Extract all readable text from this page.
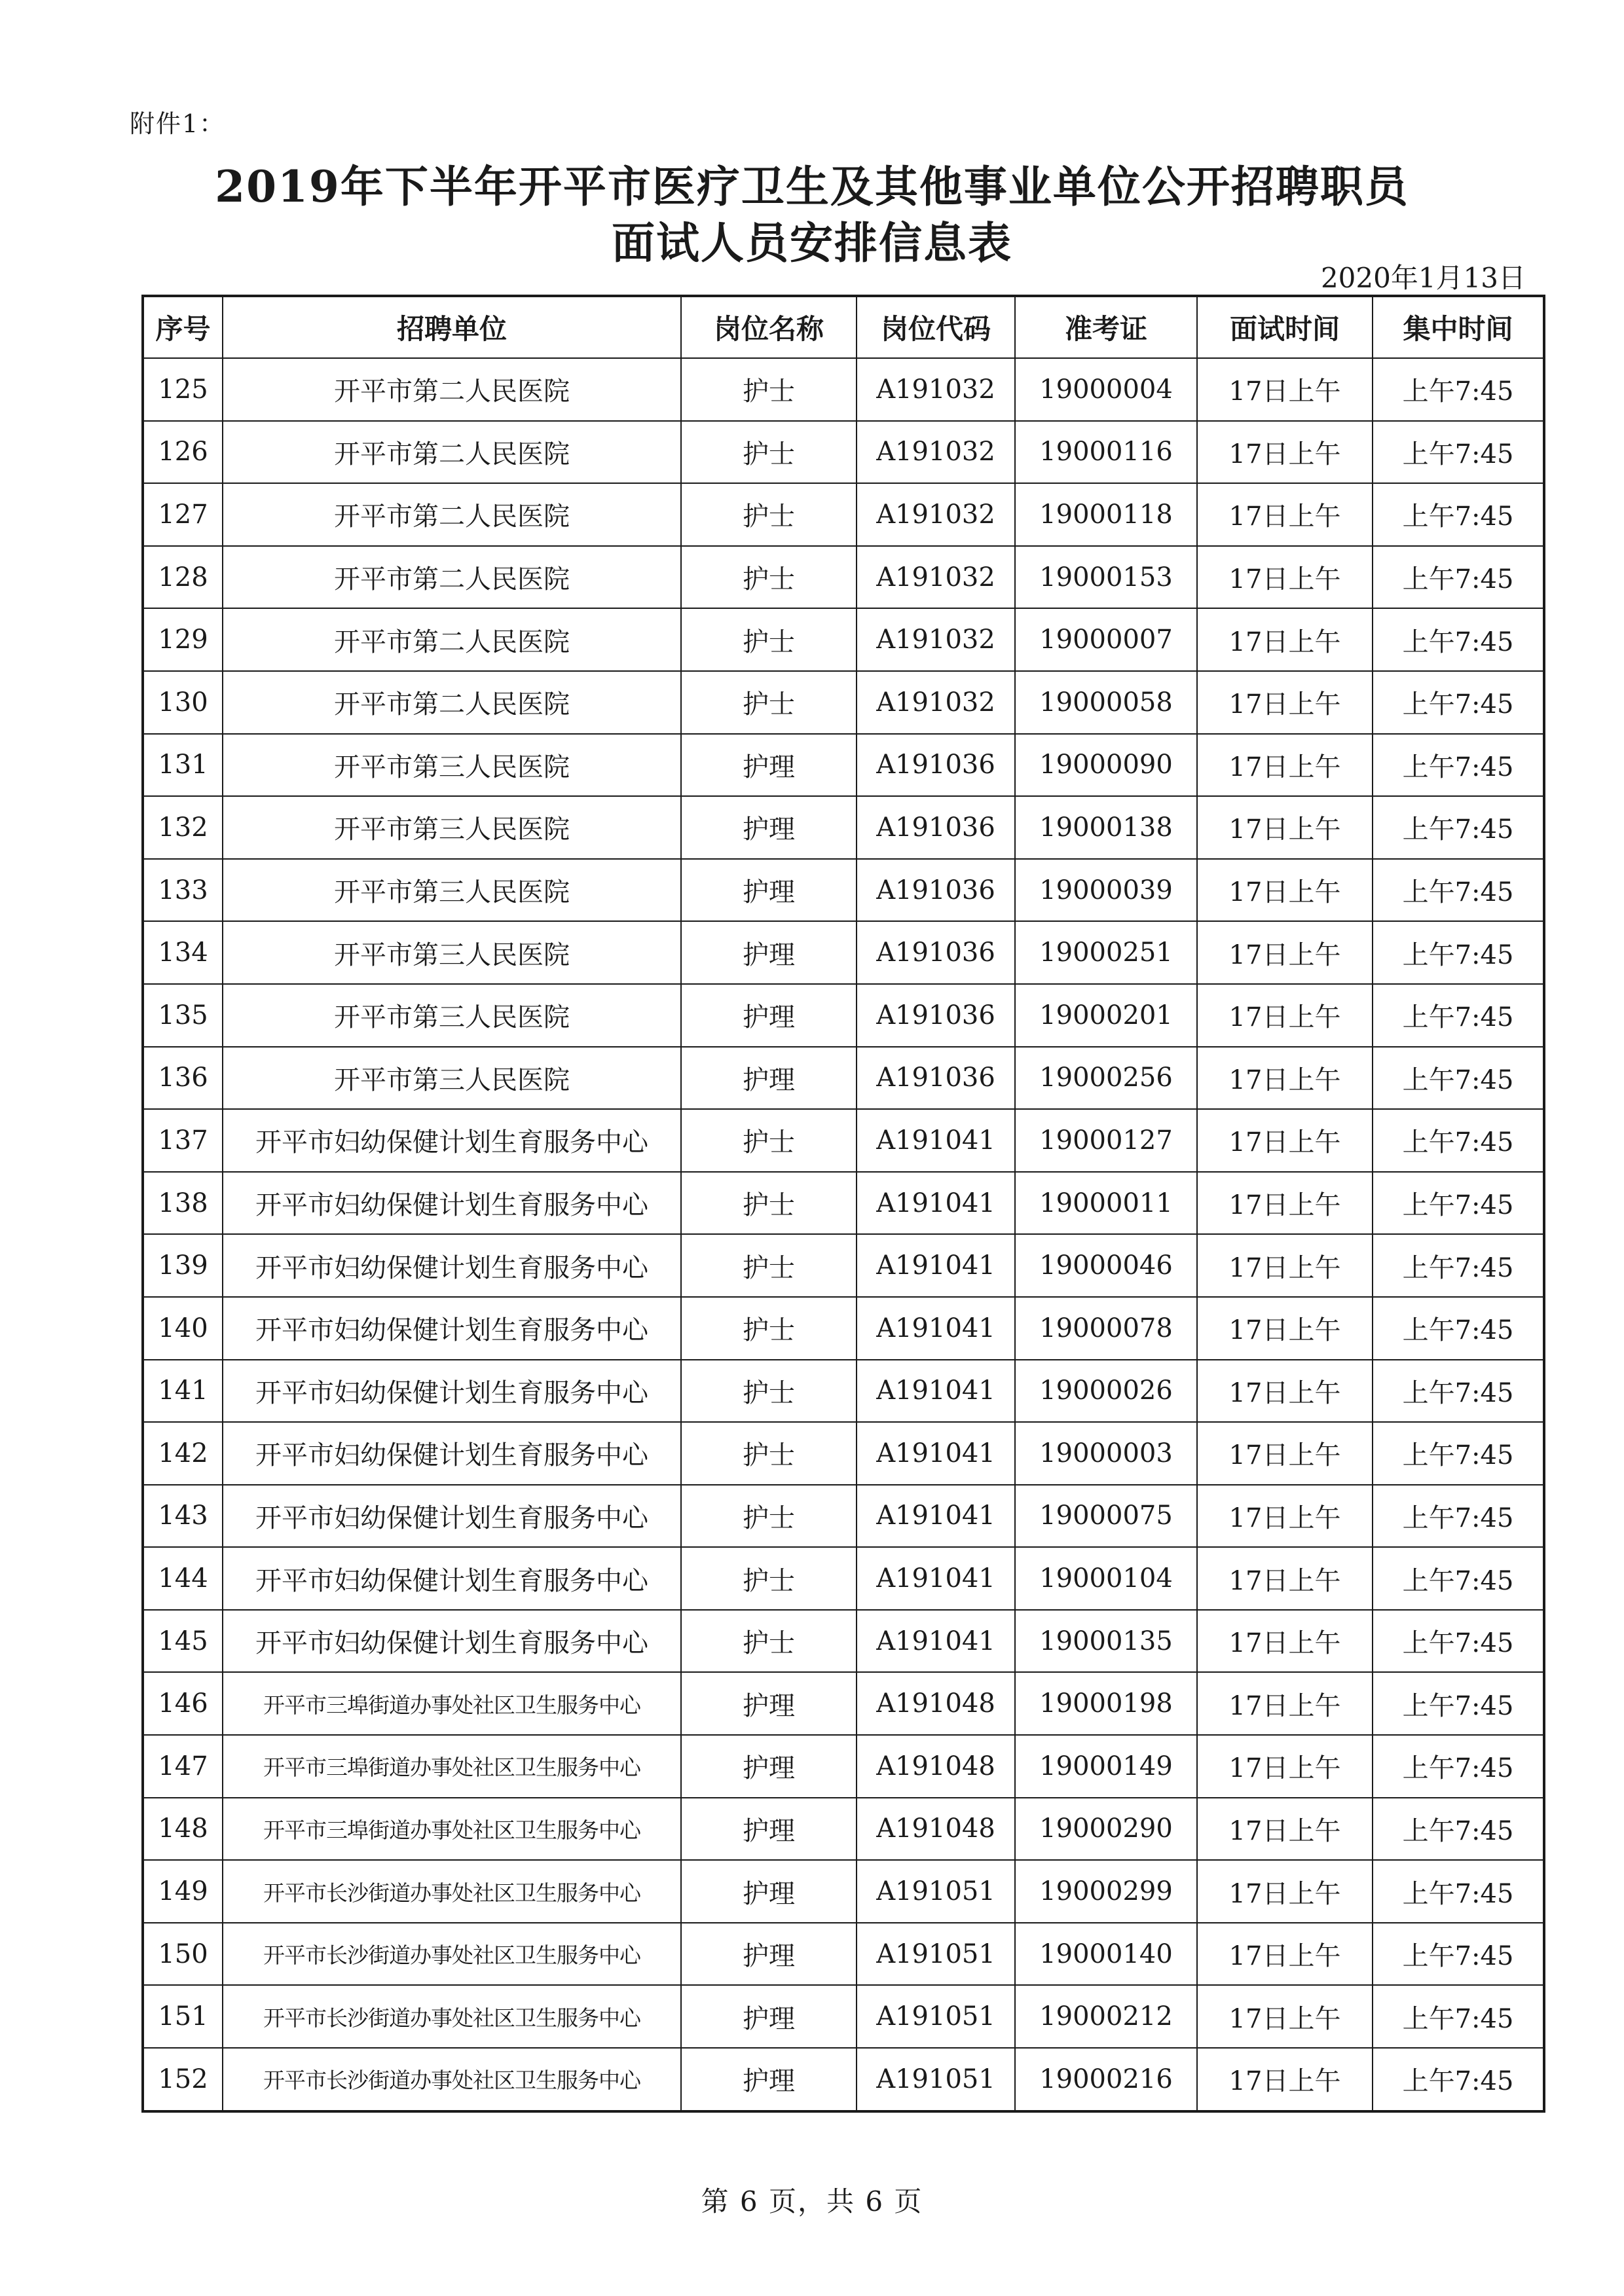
附件1：
2019年下半年开平市医疗卫生及其他事业单位公开招聘职员
面试人员安排信息表
2020年1月13日
序号	招聘单位	岗位名称	岗位代码	准考证	面试时间	集中时间
125	开平市第二人民医院	护士	A191032	19000004	17日上午	上午7:45
126	开平市第二人民医院	护士	A191032	19000116	17日上午	上午7:45
127	开平市第二人民医院	护士	A191032	19000118	17日上午	上午7:45
128	开平市第二人民医院	护士	A191032	19000153	17日上午	上午7:45
129	开平市第二人民医院	护士	A191032	19000007	17日上午	上午7:45
130	开平市第二人民医院	护士	A191032	19000058	17日上午	上午7:45
131	开平市第三人民医院	护理	A191036	19000090	17日上午	上午7:45
132	开平市第三人民医院	护理	A191036	19000138	17日上午	上午7:45
133	开平市第三人民医院	护理	A191036	19000039	17日上午	上午7:45
134	开平市第三人民医院	护理	A191036	19000251	17日上午	上午7:45
135	开平市第三人民医院	护理	A191036	19000201	17日上午	上午7:45
136	开平市第三人民医院	护理	A191036	19000256	17日上午	上午7:45
137	开平市妇幼保健计划生育服务中心	护士	A191041	19000127	17日上午	上午7:45
138	开平市妇幼保健计划生育服务中心	护士	A191041	19000011	17日上午	上午7:45
139	开平市妇幼保健计划生育服务中心	护士	A191041	19000046	17日上午	上午7:45
140	开平市妇幼保健计划生育服务中心	护士	A191041	19000078	17日上午	上午7:45
141	开平市妇幼保健计划生育服务中心	护士	A191041	19000026	17日上午	上午7:45
142	开平市妇幼保健计划生育服务中心	护士	A191041	19000003	17日上午	上午7:45
143	开平市妇幼保健计划生育服务中心	护士	A191041	19000075	17日上午	上午7:45
144	开平市妇幼保健计划生育服务中心	护士	A191041	19000104	17日上午	上午7:45
145	开平市妇幼保健计划生育服务中心	护士	A191041	19000135	17日上午	上午7:45
146	开平市三埠街道办事处社区卫生服务中心	护理	A191048	19000198	17日上午	上午7:45
147	开平市三埠街道办事处社区卫生服务中心	护理	A191048	19000149	17日上午	上午7:45
148	开平市三埠街道办事处社区卫生服务中心	护理	A191048	19000290	17日上午	上午7:45
149	开平市长沙街道办事处社区卫生服务中心	护理	A191051	19000299	17日上午	上午7:45
150	开平市长沙街道办事处社区卫生服务中心	护理	A191051	19000140	17日上午	上午7:45
151	开平市长沙街道办事处社区卫生服务中心	护理	A191051	19000212	17日上午	上午7:45
152	开平市长沙街道办事处社区卫生服务中心	护理	A191051	19000216	17日上午	上午7:45
第 6 页，共 6 页
